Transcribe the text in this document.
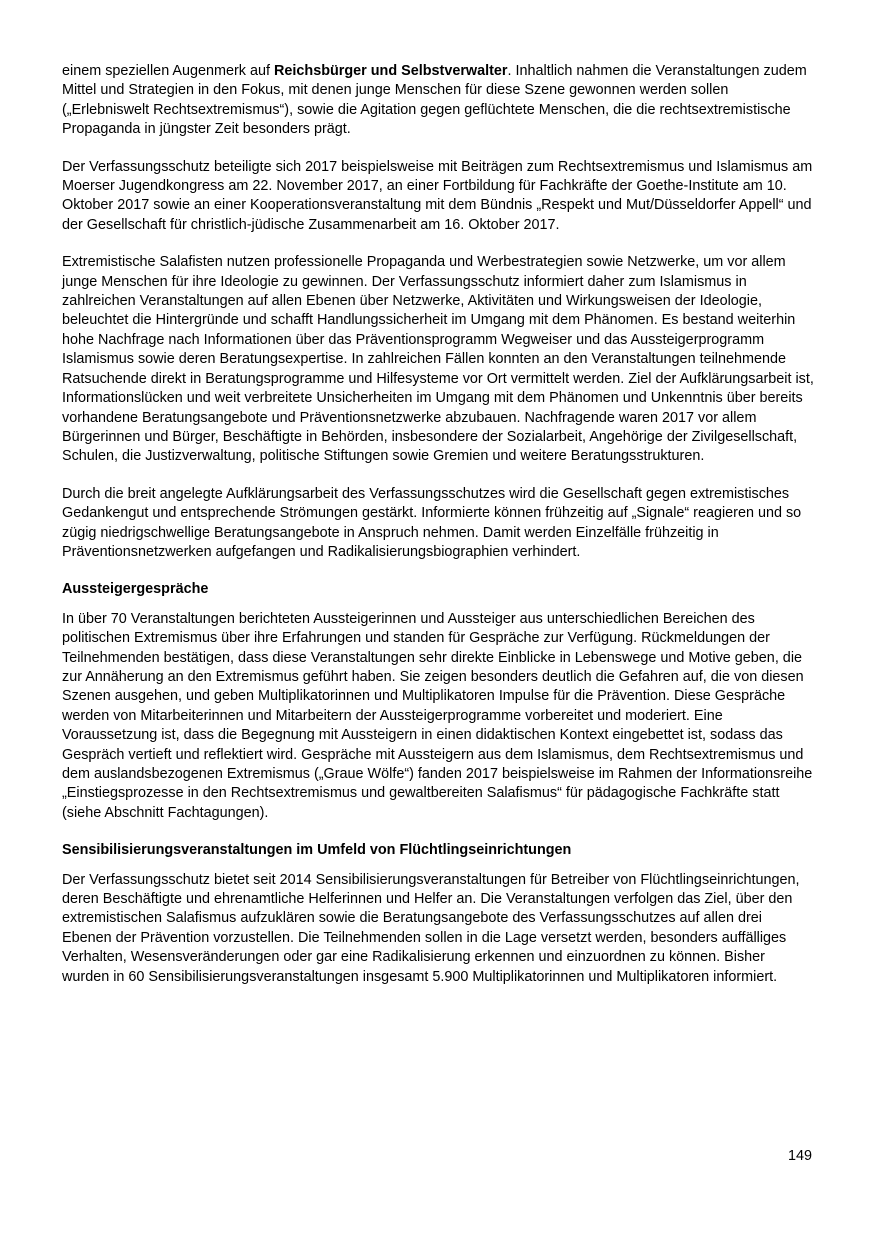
einem speziellen Augenmerk auf Reichsbürger und Selbstverwalter. Inhaltlich nahmen die Veranstaltungen zudem Mittel und Strategien in den Fokus, mit denen junge Menschen für diese Szene gewonnen werden sollen („Erlebniswelt Rechtsextremismus“), sowie die Agitation gegen geflüchtete Menschen, die die rechtsextremistische Propaganda in jüngster Zeit besonders prägt.

Der Verfassungsschutz beteiligte sich 2017 beispielsweise mit Beiträgen zum Rechtsextremismus und Islamismus am Moerser Jugendkongress am 22. November 2017, an einer Fortbildung für Fachkräfte der Goethe-Institute am 10. Oktober 2017 sowie an einer Kooperationsveranstaltung mit dem Bündnis „Respekt und Mut/Düsseldorfer Appell“ und der Gesellschaft für christlich-jüdische Zusammenarbeit am 16. Oktober 2017.

Extremistische Salafisten nutzen professionelle Propaganda und Werbestrategien sowie Netzwerke, um vor allem junge Menschen für ihre Ideologie zu gewinnen. Der Verfassungsschutz informiert daher zum Islamismus in zahlreichen Veranstaltungen auf allen Ebenen über Netzwerke, Aktivitäten und Wirkungsweisen der Ideologie, beleuchtet die Hintergründe und schafft Handlungssicherheit im Umgang mit dem Phänomen. Es bestand weiterhin hohe Nachfrage nach Informationen über das Präventionsprogramm Wegweiser und das Aussteigerprogramm Islamismus sowie deren Beratungsexpertise. In zahlreichen Fällen konnten an den Veranstaltungen teilnehmende Ratsuchende direkt in Beratungsprogramme und Hilfesysteme vor Ort vermittelt werden. Ziel der Aufklärungsarbeit ist, Informationslücken und weit verbreitete Unsicherheiten im Umgang mit dem Phänomen und Unkenntnis über bereits vorhandene Beratungsangebote und Präventionsnetzwerke abzubauen. Nachfragende waren 2017 vor allem Bürgerinnen und Bürger, Beschäftigte in Behörden, insbesondere der Sozialarbeit, Angehörige der Zivilgesellschaft, Schulen, die Justizverwaltung, politische Stiftungen sowie Gremien und weitere Beratungsstrukturen.

Durch die breit angelegte Aufklärungsarbeit des Verfassungsschutzes wird die Gesellschaft gegen extremistisches Gedankengut und entsprechende Strömungen gestärkt. Informierte können frühzeitig auf „Signale“ reagieren und so zügig niedrigschwellige Beratungsangebote in Anspruch nehmen. Damit werden Einzelfälle frühzeitig in Präventionsnetzwerken aufgefangen und Radikalisierungsbiographien verhindert.

Aussteigergespräche

In über 70 Veranstaltungen berichteten Aussteigerinnen und Aussteiger aus unterschiedlichen Bereichen des politischen Extremismus über ihre Erfahrungen und standen für Gespräche zur Verfügung. Rückmeldungen der Teilnehmenden bestätigen, dass diese Veranstaltungen sehr direkte Einblicke in Lebenswege und Motive geben, die zur Annäherung an den Extremismus geführt haben. Sie zeigen besonders deutlich die Gefahren auf, die von diesen Szenen ausgehen, und geben Multiplikatorinnen und Multiplikatoren Impulse für die Prävention. Diese Gespräche werden von Mitarbeiterinnen und Mitarbeitern der Aussteigerprogramme vorbereitet und moderiert. Eine Voraussetzung ist, dass die Begegnung mit Aussteigern in einen didaktischen Kontext eingebettet ist, sodass das Gespräch vertieft und reflektiert wird. Gespräche mit Aussteigern aus dem Islamismus, dem Rechtsextremismus und dem auslandsbezogenen Extremismus („Graue Wölfe“) fanden 2017 beispielsweise im Rahmen der Informationsreihe „Einstiegsprozesse in den Rechtsextremismus und gewaltbereiten Salafismus“ für pädagogische Fachkräfte statt (siehe Abschnitt Fachtagungen).

Sensibilisierungsveranstaltungen im Umfeld von Flüchtlingseinrichtungen

Der Verfassungsschutz bietet seit 2014 Sensibilisierungsveranstaltungen für Betreiber von Flüchtlingseinrichtungen, deren Beschäftigte und ehrenamtliche Helferinnen und Helfer an. Die Veranstaltungen verfolgen das Ziel, über den extremistischen Salafismus aufzuklären sowie die Beratungsangebote des Verfassungsschutzes auf allen drei Ebenen der Prävention vorzustellen. Die Teilnehmenden sollen in die Lage versetzt werden, besonders auffälliges Verhalten, Wesensveränderungen oder gar eine Radikalisierung erkennen und einzuordnen zu können. Bisher wurden in 60 Sensibilisierungsveranstaltungen insgesamt 5.900 Multiplikatorinnen und Multiplikatoren informiert.

149
